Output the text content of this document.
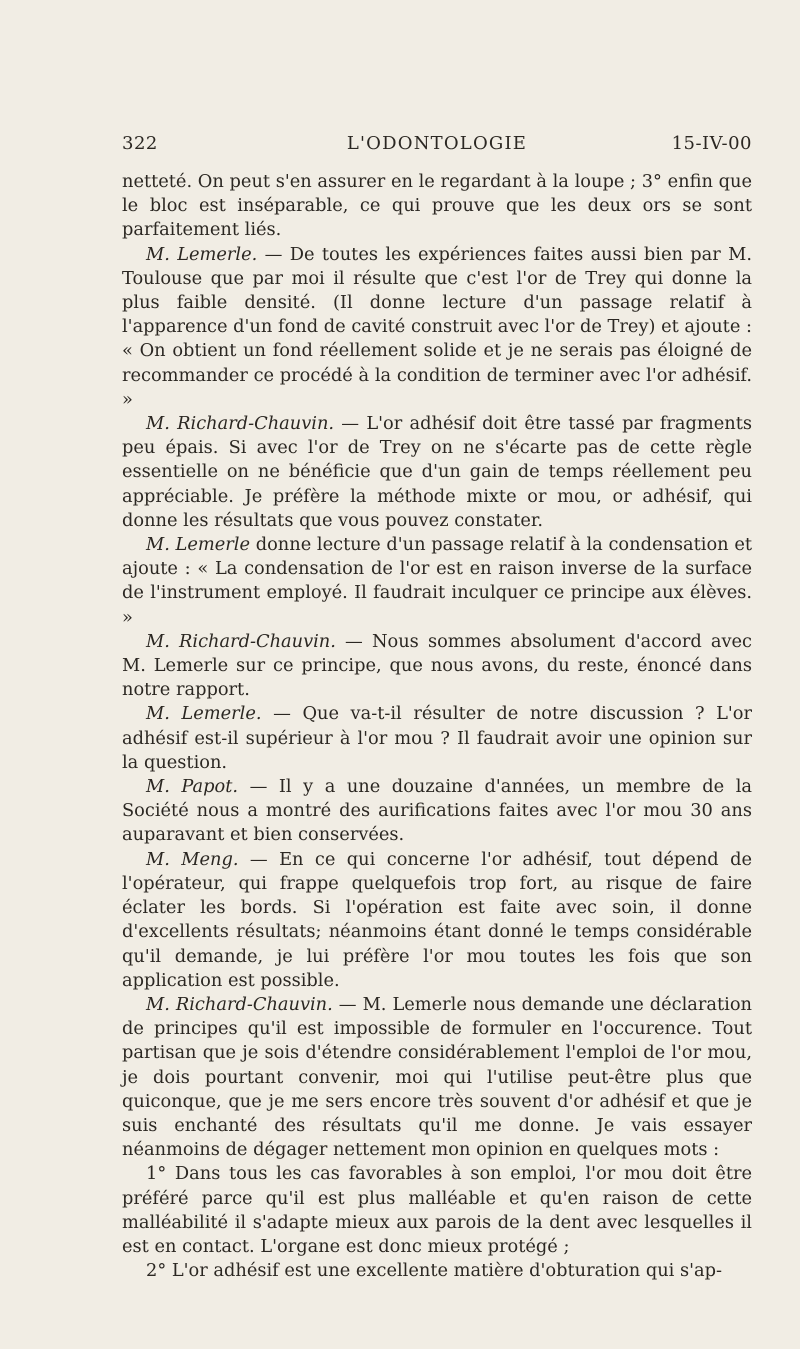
322	L'ODONTOLOGIE	15-IV-00

netteté. On peut s'en assurer en le regardant à la loupe ; 3° enfin que le bloc est inséparable, ce qui prouve que les deux ors se sont parfaitement liés.

M. Lemerle. — De toutes les expériences faites aussi bien par M. Toulouse que par moi il résulte que c'est l'or de Trey qui donne la plus faible densité. (Il donne lecture d'un passage relatif à l'apparence d'un fond de cavité construit avec l'or de Trey) et ajoute : « On obtient un fond réellement solide et je ne serais pas éloigné de recommander ce procédé à la condition de terminer avec l'or adhésif. »

M. Richard-Chauvin. — L'or adhésif doit être tassé par fragments peu épais. Si avec l'or de Trey on ne s'écarte pas de cette règle essentielle on ne bénéficie que d'un gain de temps réellement peu appréciable. Je préfère la méthode mixte or mou, or adhésif, qui donne les résultats que vous pouvez constater.

M. Lemerle donne lecture d'un passage relatif à la condensation et ajoute : « La condensation de l'or est en raison inverse de la surface de l'instrument employé. Il faudrait inculquer ce principe aux élèves. »

M. Richard-Chauvin. — Nous sommes absolument d'accord avec M. Lemerle sur ce principe, que nous avons, du reste, énoncé dans notre rapport.

M. Lemerle. — Que va-t-il résulter de notre discussion ? L'or adhésif est-il supérieur à l'or mou ? Il faudrait avoir une opinion sur la question.

M. Papot. — Il y a une douzaine d'années, un membre de la Société nous a montré des aurifications faites avec l'or mou 30 ans auparavant et bien conservées.

M. Meng. — En ce qui concerne l'or adhésif, tout dépend de l'opérateur, qui frappe quelquefois trop fort, au risque de faire éclater les bords. Si l'opération est faite avec soin, il donne d'excellents résultats; néanmoins étant donné le temps considérable qu'il demande, je lui préfère l'or mou toutes les fois que son application est possible.

M. Richard-Chauvin. — M. Lemerle nous demande une déclaration de principes qu'il est impossible de formuler en l'occurence. Tout partisan que je sois d'étendre considérablement l'emploi de l'or mou, je dois pourtant convenir, moi qui l'utilise peut-être plus que quiconque, que je me sers encore très souvent d'or adhésif et que je suis enchanté des résultats qu'il me donne. Je vais essayer néanmoins de dégager nettement mon opinion en quelques mots :

1° Dans tous les cas favorables à son emploi, l'or mou doit être préféré parce qu'il est plus malléable et qu'en raison de cette malléabilité il s'adapte mieux aux parois de la dent avec lesquelles il est en contact. L'organe est donc mieux protégé ;

2° L'or adhésif est une excellente matière d'obturation qui s'ap-
